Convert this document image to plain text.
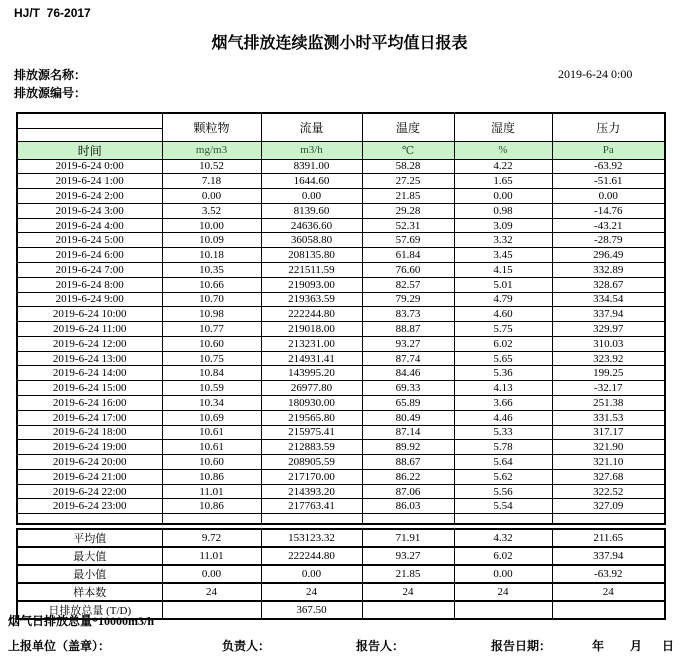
HJ/T  76-2017
烟气排放连续监测小时平均值日报表
排放源名称：
排放源编号：
2019-6-24 0:00
	颗粒物	流量	温度	湿度	压力
时间	mg/m3	m3/h	℃	%	Pa
2019-6-24 0:00	10.52	8391.00	58.28	4.22	-63.92
2019-6-24 1:00	7.18	1644.60	27.25	1.65	-51.61
2019-6-24 2:00	0.00	0.00	21.85	0.00	0.00
2019-6-24 3:00	3.52	8139.60	29.28	0.98	-14.76
2019-6-24 4:00	10.00	24636.60	52.31	3.09	-43.21
2019-6-24 5:00	10.09	36058.80	57.69	3.32	-28.79
2019-6-24 6:00	10.18	208135.80	61.84	3.45	296.49
2019-6-24 7:00	10.35	221511.59	76.60	4.15	332.89
2019-6-24 8:00	10.66	219093.00	82.57	5.01	328.67
2019-6-24 9:00	10.70	219363.59	79.29	4.79	334.54
2019-6-24 10:00	10.98	222244.80	83.73	4.60	337.94
2019-6-24 11:00	10.77	219018.00	88.87	5.75	329.97
2019-6-24 12:00	10.60	213231.00	93.27	6.02	310.03
2019-6-24 13:00	10.75	214931.41	87.74	5.65	323.92
2019-6-24 14:00	10.84	143995.20	84.46	5.36	199.25
2019-6-24 15:00	10.59	26977.80	69.33	4.13	-32.17
2019-6-24 16:00	10.34	180930.00	65.89	3.66	251.38
2019-6-24 17:00	10.69	219565.80	80.49	4.46	331.53
2019-6-24 18:00	10.61	215975.41	87.14	5.33	317.17
2019-6-24 19:00	10.61	212883.59	89.92	5.78	321.90
2019-6-24 20:00	10.60	208905.59	88.67	5.64	321.10
2019-6-24 21:00	10.86	217170.00	86.22	5.62	327.68
2019-6-24 22:00	11.01	214393.20	87.06	5.56	322.52
2019-6-24 23:00	10.86	217763.41	86.03	5.54	327.09

平均值	9.72	153123.32	71.91	4.32	211.65
最大值	11.01	222244.80	93.27	6.02	337.94
最小值	0.00	0.00	21.85	0.00	-63.92
样本数	24	24	24	24	24
日排放总量 (T/D)		367.50			
烟气日排放总量*10000m3/h
上报单位（盖章）：	负责人：	报告人：	报告日期：	年 月 日
